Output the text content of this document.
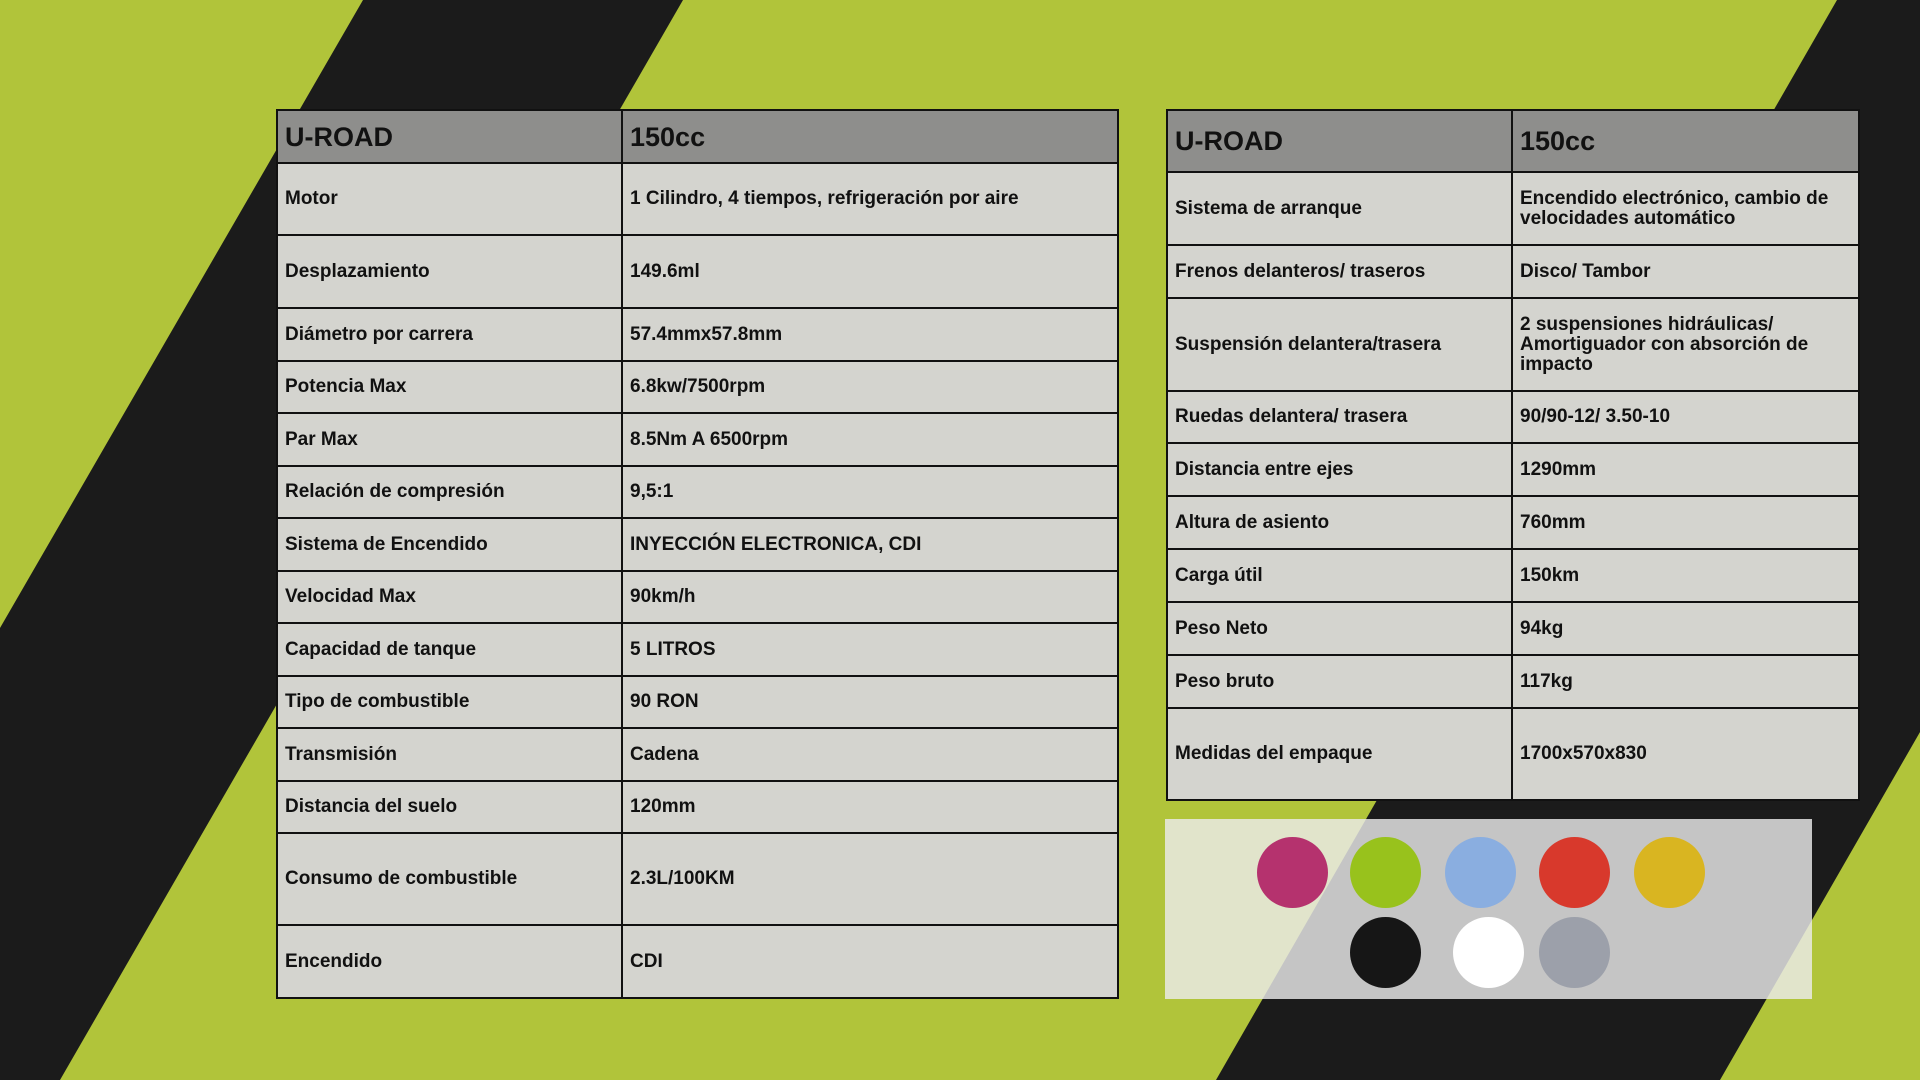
U-ROAD	150cc
Motor	1 Cilindro, 4 tiempos, refrigeración por aire
Desplazamiento	149.6ml
Diámetro por carrera	57.4mmx57.8mm
Potencia Max	6.8kw/7500rpm
Par Max	8.5Nm A 6500rpm
Relación de compresión	9,5:1
Sistema de Encendido	INYECCIÓN ELECTRONICA, CDI
Velocidad Max	90km/h
Capacidad de tanque	5 LITROS
Tipo de combustible	90 RON
Transmisión	Cadena
Distancia del suelo	120mm
Consumo de combustible	2.3L/100KM
Encendido	CDI
U-ROAD	150cc
Sistema de arranque	Encendido electrónico, cambio de velocidades automático
Frenos delanteros/ traseros	Disco/ Tambor
Suspensión delantera/trasera	2 suspensiones hidráulicas/ Amortiguador con absorción de impacto
Ruedas delantera/ trasera	90/90-12/ 3.50-10
Distancia entre ejes	1290mm
Altura de asiento	760mm
Carga útil	150km
Peso Neto	94kg
Peso bruto	117kg
Medidas del empaque	1700x570x830
